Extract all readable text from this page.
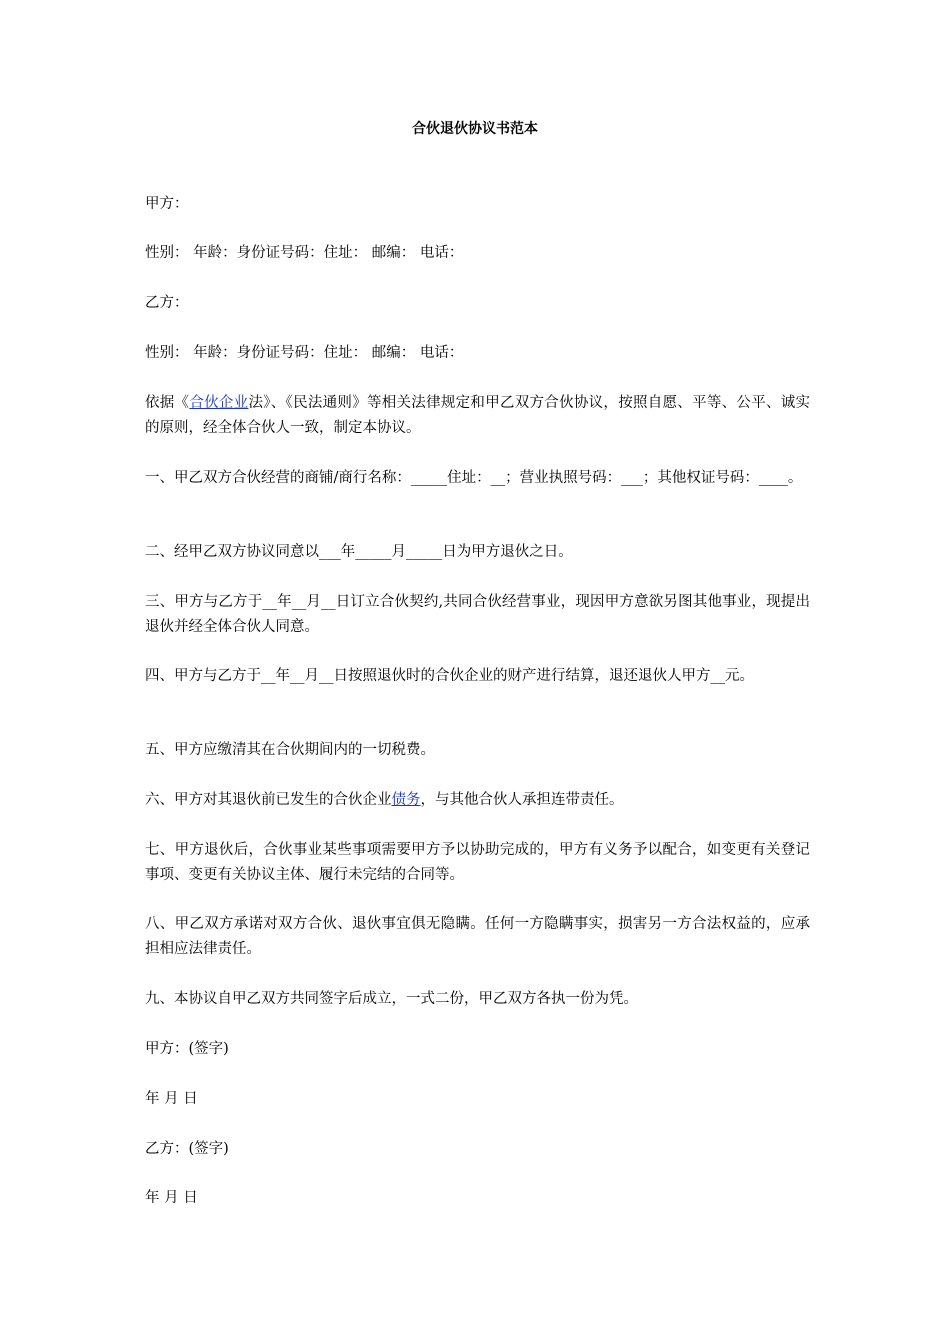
合伙退伙协议书范本

甲方：

性别： 年龄：身份证号码：住址： 邮编： 电话：

乙方：

性别： 年龄：身份证号码：住址： 邮编： 电话：

依据《合伙企业法》、《民法通则》等相关法律规定和甲乙双方合伙协议，按照自愿、平等、公平、诚实的原则，经全体合伙人一致，制定本协议。

一、甲乙双方合伙经营的商铺/商行名称：_____住址：__；营业执照号码：___；其他权证号码：____。

二、经甲乙双方协议同意以___年_____月_____日为甲方退伙之日。

三、甲方与乙方于__年__月__日订立合伙契约,共同合伙经营事业，现因甲方意欲另图其他事业，现提出退伙并经全体合伙人同意。

四、甲方与乙方于__年__月__日按照退伙时的合伙企业的财产进行结算，退还退伙人甲方__元。

五、甲方应缴清其在合伙期间内的一切税费。

六、甲方对其退伙前已发生的合伙企业债务，与其他合伙人承担连带责任。

七、甲方退伙后，合伙事业某些事项需要甲方予以协助完成的，甲方有义务予以配合，如变更有关登记事项、变更有关协议主体、履行未完结的合同等。

八、甲乙双方承诺对双方合伙、退伙事宜俱无隐瞒。任何一方隐瞒事实，损害另一方合法权益的，应承担相应法律责任。

九、本协议自甲乙双方共同签字后成立，一式二份，甲乙双方各执一份为凭。

甲方：(签字)

年 月 日

乙方：(签字)

年 月 日
